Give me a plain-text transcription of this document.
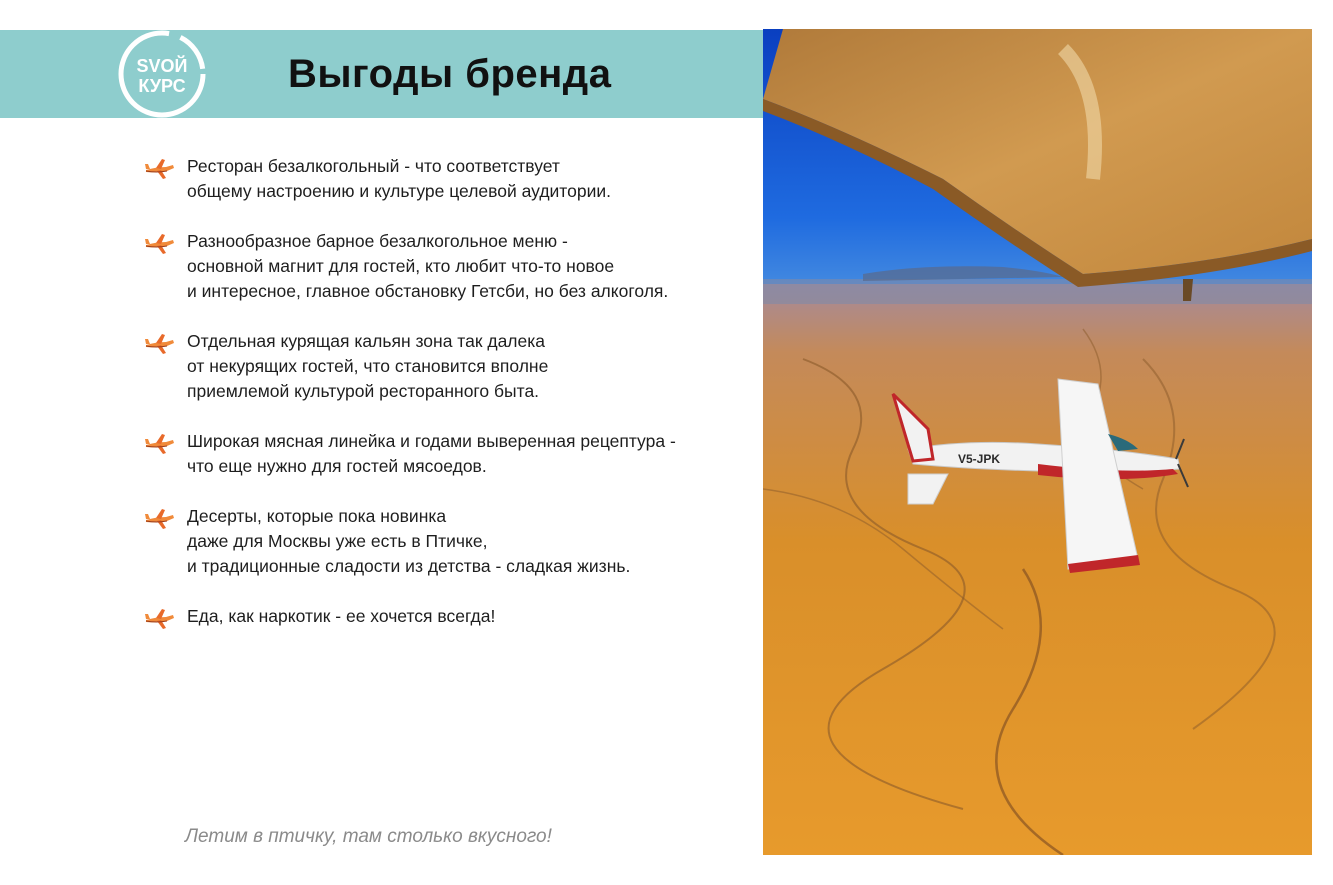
SVOЙ
КУРС	Выгоды бренда
Ресторан безалкогольный - что соответствует
общему настроению и культуре целевой аудитории.
Разнообразное барное безалкогольное меню -
основной магнит для гостей, кто любит что-то новое
и интересное, главное обстановку Гетсби, но без алкоголя.
Отдельная курящая кальян зона так далека
от некурящих гостей, что становится вполне
приемлемой культурой ресторанного быта.
Широкая мясная линейка и годами выверенная рецептура -
что еще нужно для гостей мясоедов.
Десерты, которые пока новинка
даже для Москвы уже есть в Птичке,
и традиционные сладости из детства - сладкая жизнь.
Еда, как наркотик - ее хочется всегда!
Летим в птичку, там столько вкусного!
V5-JPK
